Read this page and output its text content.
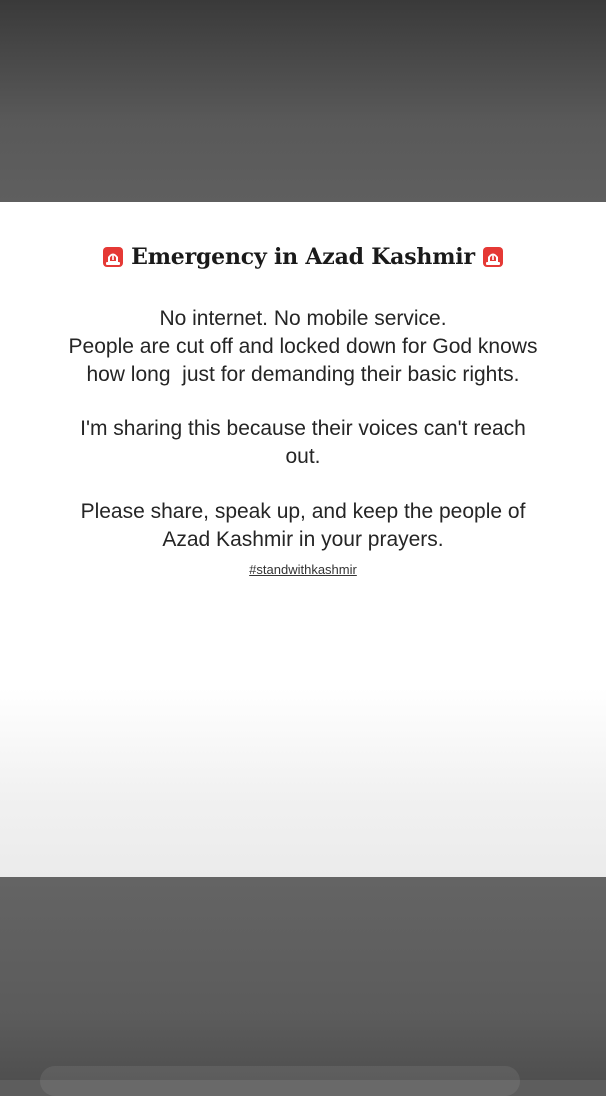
Emergency in Azad Kashmir

No internet. No mobile service.
People are cut off and locked down for God knows
how long  just for demanding their basic rights.

I'm sharing this because their voices can't reach
out.

Please share, speak up, and keep the people of
Azad Kashmir in your prayers.

#standwithkashmir
